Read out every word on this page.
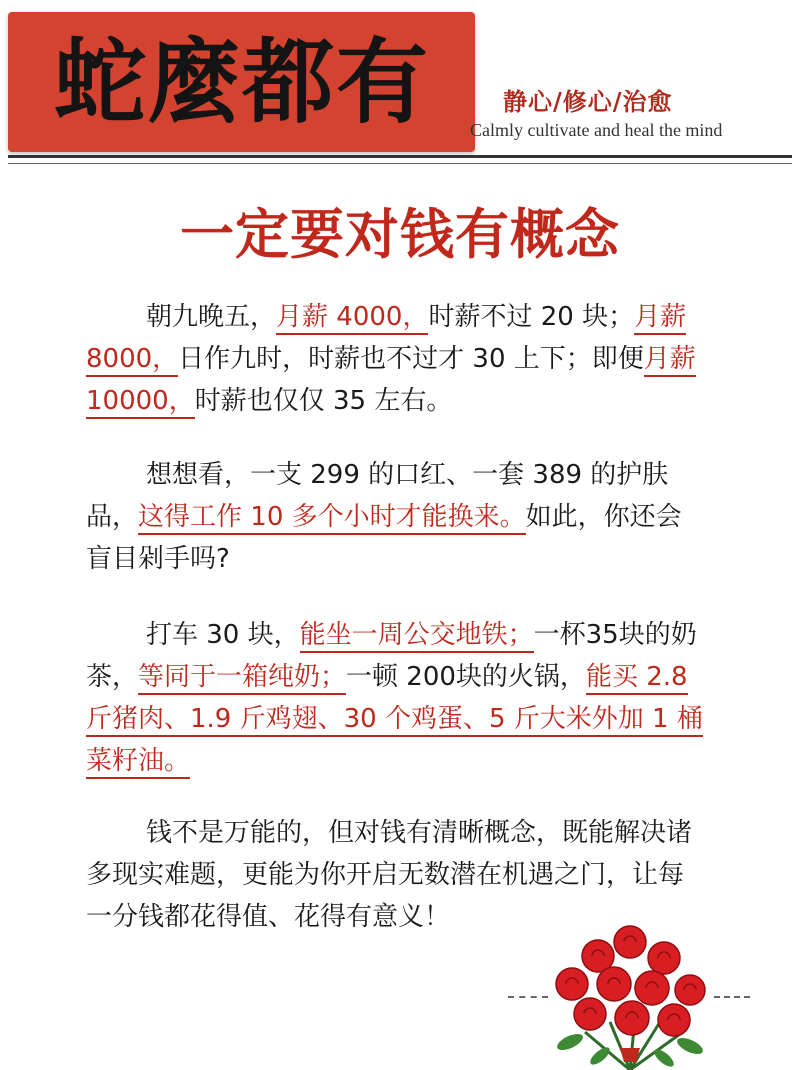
蛇麼都有	静心/修心/治愈
Calmly cultivate and heal the mind
一定要对钱有概念
朝九晚五，月薪 4000，时薪不过 20 块；月薪 8000，日作九时，时薪也不过才 30 上下；即便月薪 10000，时薪也仅仅 35 左右。
想想看，一支 299 的口红、一套 389 的护肤品，这得工作 10 多个小时才能换来。如此，你还会盲目剁手吗?
打车 30 块，能坐一周公交地铁；一杯35块的奶茶，等同于一箱纯奶；一顿 200块的火锅，能买 2.8斤猪肉、1.9 斤鸡翅、30 个鸡蛋、5 斤大米外加 1 桶菜籽油。
钱不是万能的，但对钱有清晰概念，既能解决诸多现实难题，更能为你开启无数潜在机遇之门，让每一分钱都花得值、花得有意义！
